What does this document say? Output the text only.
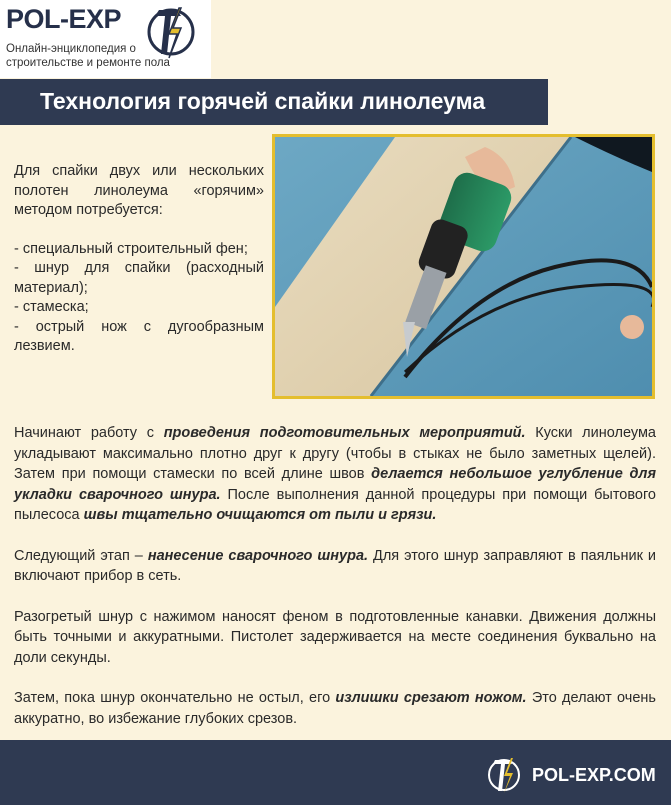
POL-EXP
Онлайн-энциклопедия о строительстве и ремонте пола
Технология горячей спайки линолеума

Для спайки двух или нескольких полотен линолеума «горячим» методом потребуется:

- специальный строительный фен;

- шнур для спайки (расходный материал);

- стамеска;

- острый нож с дугообразным лезвием.

Начинают работу с проведения подготовительных мероприятий. Куски линолеума укладывают максимально плотно друг к другу (чтобы в стыках не было заметных щелей). Затем при помощи стамески по всей длине швов делается небольшое углубление для укладки сварочного шнура. После выполнения данной процедуры при помощи бытового пылесоса швы тщательно очищаются от пыли и грязи.

Следующий этап – нанесение сварочного шнура. Для этого шнур заправляют в паяльник и включают прибор в сеть.

Разогретый шнур с нажимом наносят феном в подготовленные канавки. Движения должны быть точными и аккуратными. Пистолет задерживается на месте соединения буквально на доли секунды.

Затем, пока шнур окончательно не остыл, его излишки срезают ножом. Это делают очень аккуратно, во избежание глубоких срезов.

POL-EXP.COM
